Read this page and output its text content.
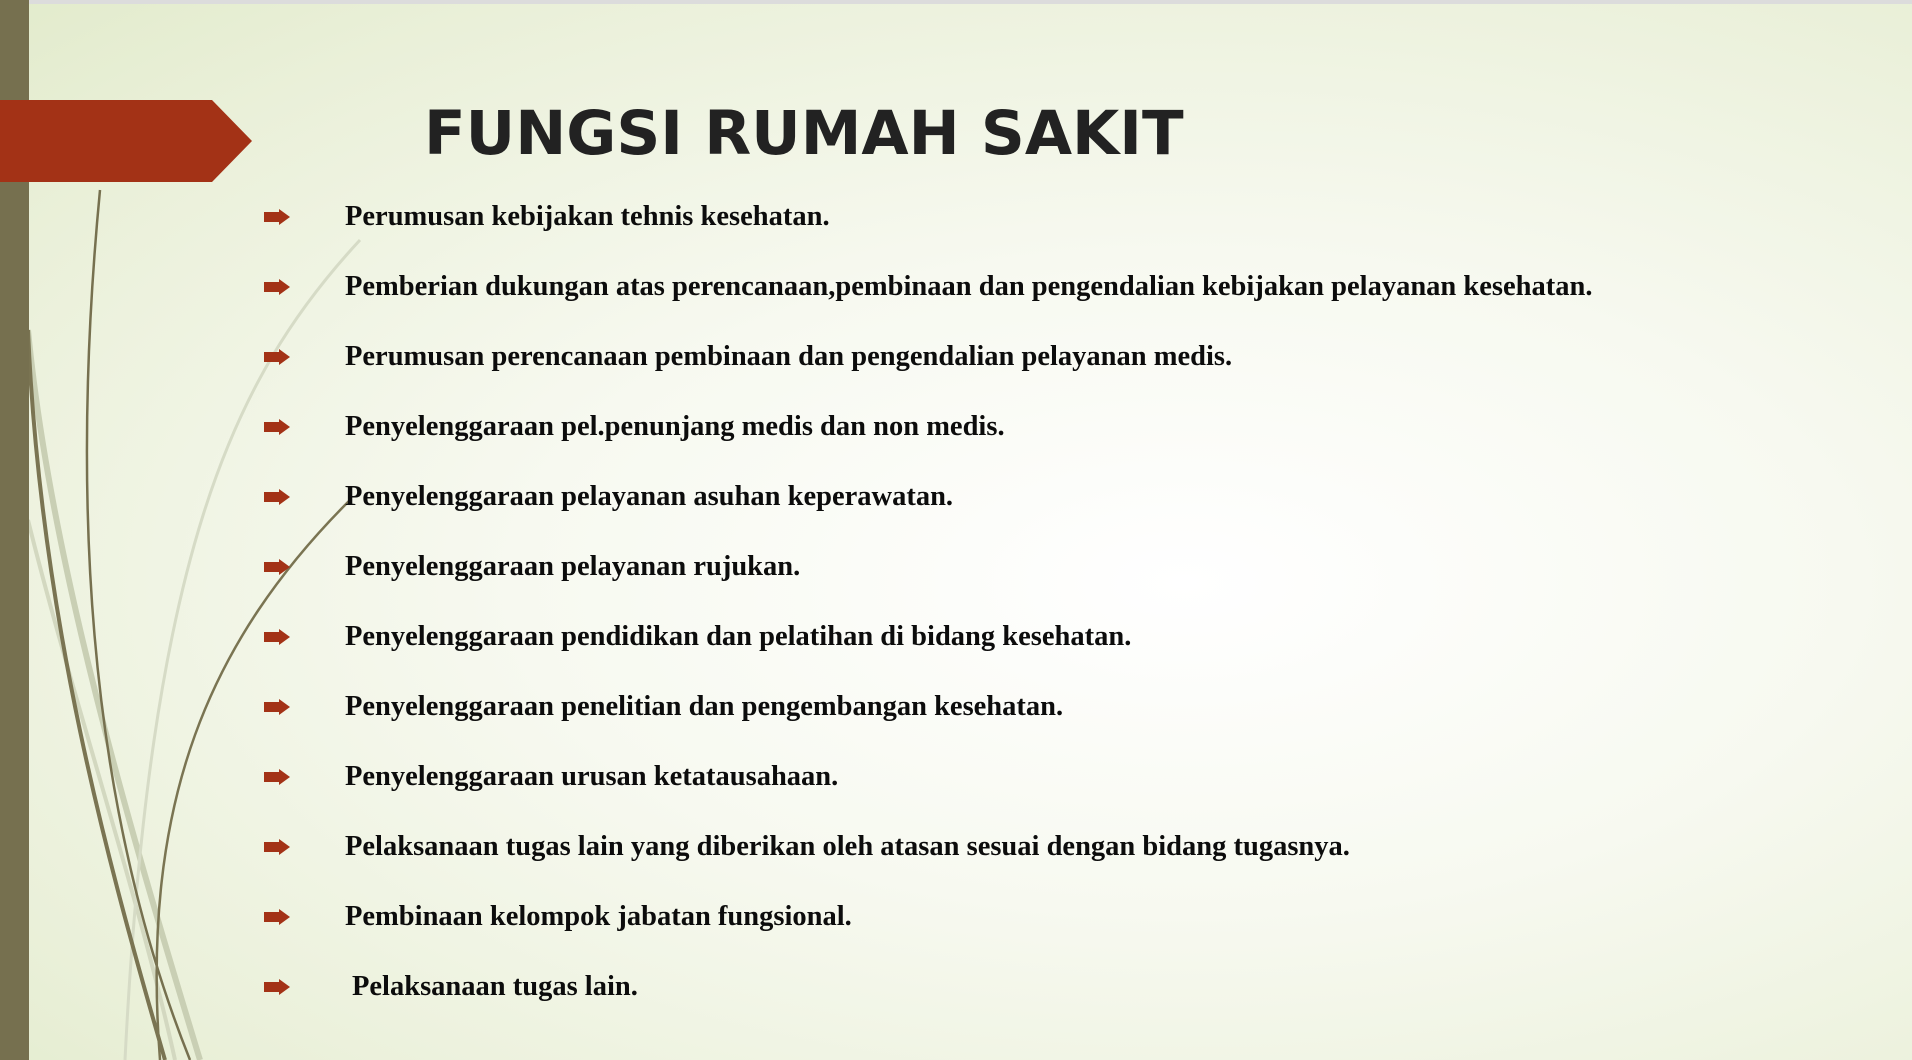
FUNGSI RUMAH SAKIT
Perumusan kebijakan tehnis kesehatan.
Pemberian dukungan atas perencanaan,pembinaan dan pengendalian kebijakan pelayanan kesehatan.
Perumusan perencanaan pembinaan dan pengendalian pelayanan medis.
Penyelenggaraan pel.penunjang medis dan non medis.
Penyelenggaraan pelayanan asuhan keperawatan.
Penyelenggaraan pelayanan rujukan.
Penyelenggaraan pendidikan dan pelatihan di bidang kesehatan.
Penyelenggaraan penelitian dan pengembangan kesehatan.
Penyelenggaraan urusan ketatausahaan.
Pelaksanaan tugas lain yang diberikan oleh atasan sesuai dengan bidang tugasnya.
Pembinaan kelompok jabatan fungsional.
Pelaksanaan tugas lain.
